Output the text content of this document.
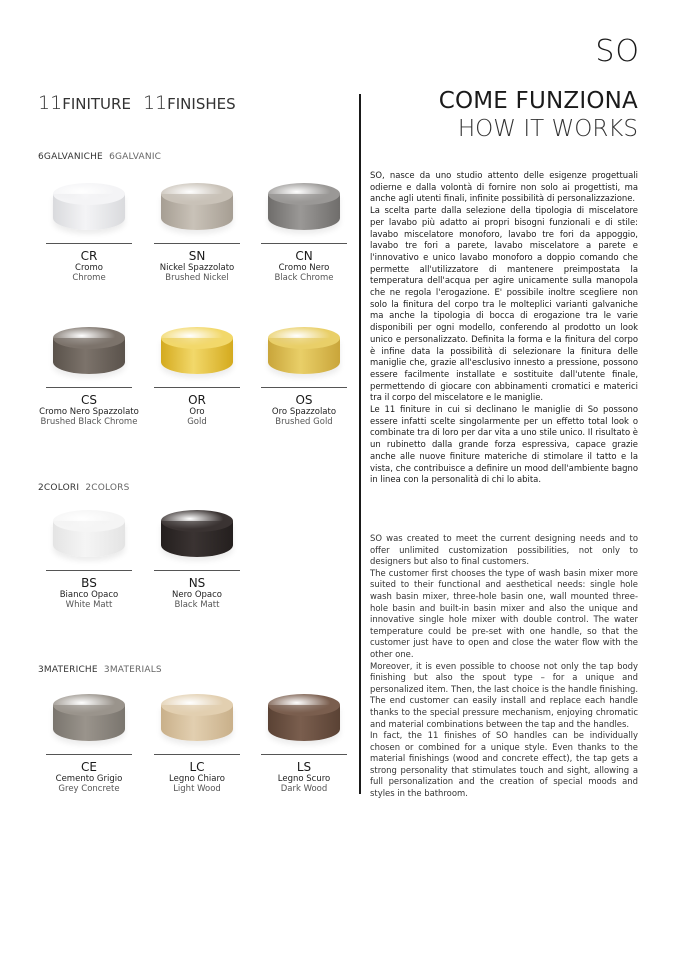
SO
11FINITURE 11FINISHES
6GALVANICHE 6GALVANIC
2COLORI 2COLORS
3MATERICHE 3MATERIALS
CR
Cromo
Chrome
SN
Nickel Spazzolato
Brushed Nickel
CN
Cromo Nero
Black Chrome
CS
Cromo Nero Spazzolato
Brushed Black Chrome
OR
Oro
Gold
OS
Oro Spazzolato
Brushed Gold
BS
Bianco Opaco
White Matt
NS
Nero Opaco
Black Matt
CE
Cemento Grigio
Grey Concrete
LC
Legno Chiaro
Light Wood
LS
Legno Scuro
Dark Wood
COME FUNZIONA
HOW IT WORKS

SO, nasce da uno studio attento delle esigenze progettuali odierne e dalla volontà di fornire non solo ai progettisti, ma anche agli utenti finali, infinite possibilità di personalizzazione.

La scelta parte dalla selezione della tipologia di miscelatore per lavabo più adatto ai propri bisogni funzionali e di stile: lavabo miscelatore monoforo, lavabo tre fori da appoggio, lavabo tre fori a parete, lavabo miscelatore a parete e l'innovativo e unico lavabo monoforo a doppio comando che permette all'utilizzatore di mantenere preimpostata la temperatura dell'acqua per agire unicamente sulla manopola che ne regola l'erogazione. E' possibile inoltre scegliere non solo la finitura del corpo tra le molteplici varianti galvaniche ma anche la tipologia di bocca di erogazione tra le varie disponibili per ogni modello, conferendo al prodotto un look unico e personalizzato. Definita la forma e la finitura del corpo è infine data la possibilità di selezionare la finitura delle maniglie che, grazie all'esclusivo innesto a pressione, possono essere facilmente installate e sostituite dall'utente finale, permettendo di giocare con abbinamenti cromatici e materici tra il corpo del miscelatore e le maniglie.

Le 11 finiture in cui si declinano le maniglie di So possono essere infatti scelte singolarmente per un effetto total look o combinate tra di loro per dar vita a uno stile unico. Il risultato è un rubinetto dalla grande forza espressiva, capace grazie anche alle nuove finiture materiche di stimolare il tatto e la vista, che contribuisce a definire un mood dell'ambiente bagno in linea con la personalità di chi lo abita.

SO was created to meet the current designing needs and to offer unlimited customization possibilities, not only to designers but also to final customers.

The customer first chooses the type of wash basin mixer more suited to their functional and aesthetical needs: single hole wash basin mixer, three-hole basin one, wall mounted three-hole basin and built-in basin mixer and also the unique and innovative single hole mixer with double control. The water temperature could be pre-set with one handle, so that the customer just have to open and close the water flow with the other one.

Moreover, it is even possible to choose not only the tap body finishing but also the spout type – for a unique and personalized item. Then, the last choice is the handle finishing. The end customer can easily install and replace each handle thanks to the special pressure mechanism, enjoying chromatic and material combinations between the tap and the handles.

In fact, the 11 finishes of SO handles can be individually chosen or combined for a unique style. Even thanks to the material finishings (wood and concrete effect), the tap gets a strong personality that stimulates touch and sight, allowing a full personalization and the creation of special moods and styles in the bathroom.
